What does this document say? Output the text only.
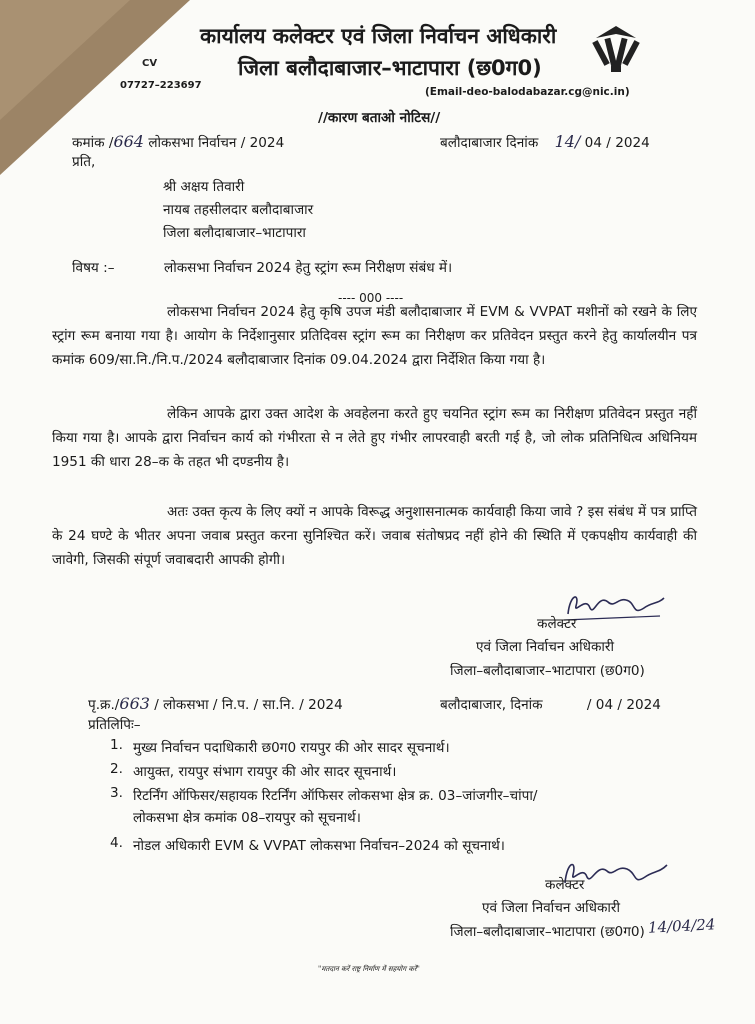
CV
07727–223697
कार्यालय कलेक्टर एवं जिला निर्वाचन अधिकारी
जिला बलौदाबाजार–भाटापारा (छ0ग0)
(Email-deo-balodabazar.cg@nic.in)
//कारण बताओ नोटिस//
कमांक /664 लोकसभा निर्वाचन / 2024	बलौदाबाजार दिनांक 14/ 04 / 2024
प्रति,
श्री अक्षय तिवारी
नायब तहसीलदार बलौदाबाजार
जिला बलौदाबाजार–भाटापारा
विषय :–	लोकसभा निर्वाचन 2024 हेतु स्ट्रांग रूम निरीक्षण संबंध में।
---- 000 ----
लोकसभा निर्वाचन 2024 हेतु कृषि उपज मंडी बलौदाबाजार में EVM & VVPAT मशीनों को रखने के लिए स्ट्रांग रूम बनाया गया है। आयोग के निर्देशानुसार प्रतिदिवस स्ट्रांग रूम का निरीक्षण कर प्रतिवेदन प्रस्तुत करने हेतु कार्यालयीन पत्र कमांक 609/सा.नि./नि.प./2024 बलौदाबाजार दिनांक 09.04.2024 द्वारा निर्देशित किया गया है।
लेकिन आपके द्वारा उक्त आदेश के अवहेलना करते हुए चयनित स्ट्रांग रूम का निरीक्षण प्रतिवेदन प्रस्तुत नहीं किया गया है। आपके द्वारा निर्वाचन कार्य को गंभीरता से न लेते हुए गंभीर लापरवाही बरती गई है, जो लोक प्रतिनिधित्व अधिनियम 1951 की धारा 28–क के तहत भी दण्डनीय है।
अतः उक्त कृत्य के लिए क्यों न आपके विरूद्ध अनुशासनात्मक कार्यवाही किया जावे ? इस संबंध में पत्र प्राप्ति के 24 घण्टे के भीतर अपना जवाब प्रस्तुत करना सुनिश्चित करें। जवाब संतोषप्रद नहीं होने की स्थिति में एकपक्षीय कार्यवाही की जावेगी, जिसकी संपूर्ण जवाबदारी आपकी होगी।
कलेक्टर
एवं जिला निर्वाचन अधिकारी
जिला–बलौदाबाजार–भाटापारा (छ0ग0)
पृ.क्र./663 / लोकसभा / नि.प. / सा.नि. / 2024	बलौदाबाजार, दिनांक	/ 04 / 2024
प्रतिलिपिः–
1. मुख्य निर्वाचन पदाधिकारी छ0ग0 रायपुर की ओर सादर सूचनार्थ।
2. आयुक्त, रायपुर संभाग रायपुर की ओर सादर सूचनार्थ।
3. रिटर्निंग ऑफिसर/सहायक रिटर्निंग ऑफिसर लोकसभा क्षेत्र क्र. 03–जांजगीर–चांपा/
लोकसभा क्षेत्र कमांक 08–रायपुर को सूचनार्थ।
4. नोडल अधिकारी EVM & VVPAT लोकसभा निर्वाचन–2024 को सूचनार्थ।
कलेक्टर
एवं जिला निर्वाचन अधिकारी
जिला–बलौदाबाजार–भाटापारा (छ0ग0) 14/04/24
"मतदान करें राष्ट्र निर्माण में सहयोग करें"
